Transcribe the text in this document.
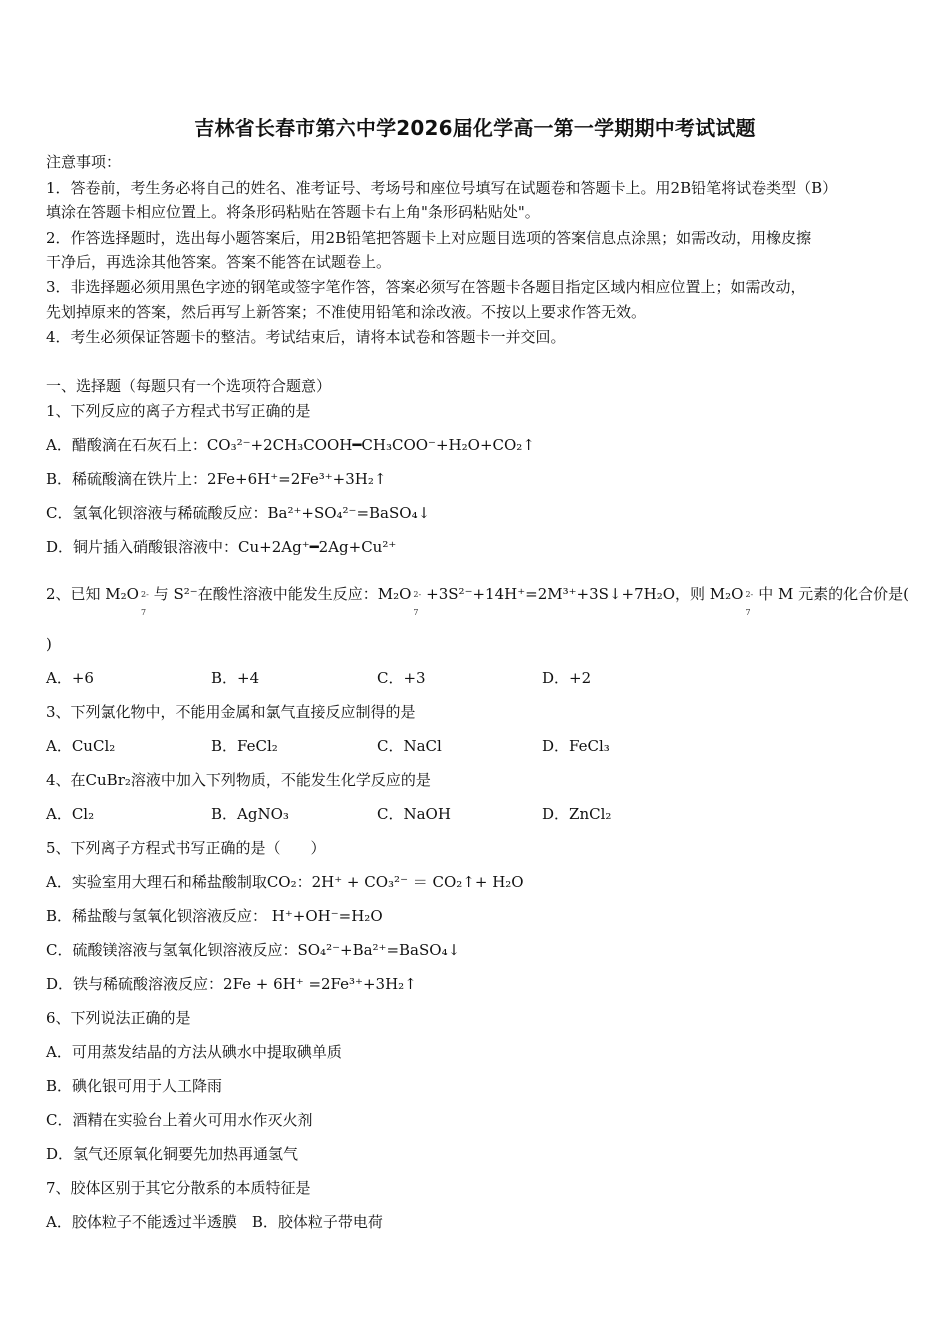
吉林省长春市第六中学2026届化学高一第一学期期中考试试题
注意事项：
1．答卷前，考生务必将自己的姓名、准考证号、考场号和座位号填写在试题卷和答题卡上。用2B铅笔将试卷类型（B）
填涂在答题卡相应位置上。将条形码粘贴在答题卡右上角"条形码粘贴处"。
2．作答选择题时，选出每小题答案后，用2B铅笔把答题卡上对应题目选项的答案信息点涂黑；如需改动，用橡皮擦
干净后，再选涂其他答案。答案不能答在试题卷上。
3．非选择题必须用黑色字迹的钢笔或签字笔作答，答案必须写在答题卡各题目指定区域内相应位置上；如需改动，
先划掉原来的答案，然后再写上新答案；不准使用铅笔和涂改液。不按以上要求作答无效。
4．考生必须保证答题卡的整洁。考试结束后，请将本试卷和答题卡一并交回。
一、选择题（每题只有一个选项符合题意）
1、下列反应的离子方程式书写正确的是
A．醋酸滴在石灰石上：CO₃²⁻+2CH₃COOH━CH₃COO⁻+H₂O+CO₂↑
B．稀硫酸滴在铁片上：2Fe+6H⁺=2Fe³⁺+3H₂↑
C．氢氧化钡溶液与稀硫酸反应：Ba²⁺+SO₄²⁻=BaSO₄↓
D．铜片插入硝酸银溶液中：Cu+2Ag⁺━2Ag+Cu²⁺
2、已知 M₂O 2-
7
与 S²⁻在酸性溶液中能发生反应：M₂O 2-
7
+3S²⁻+14H⁺=2M³⁺+3S↓+7H₂O，则 M₂O 2-
7
中 M 元素的化合价是(
)
A．+6	B．+4	C．+3	D．+2
3、下列氯化物中，不能用金属和氯气直接反应制得的是
A．CuCl₂	B．FeCl₂	C．NaCl	D．FeCl₃
4、在CuBr₂溶液中加入下列物质，不能发生化学反应的是
A．Cl₂	B．AgNO₃	C．NaOH	D．ZnCl₂
5、下列离子方程式书写正确的是（　　）
A．实验室用大理石和稀盐酸制取CO₂：2H⁺ + CO₃²⁻ ＝ CO₂↑+ H₂O
B．稀盐酸与氢氧化钡溶液反应： H⁺+OH⁻=H₂O
C．硫酸镁溶液与氢氧化钡溶液反应：SO₄²⁻+Ba²⁺=BaSO₄↓
D．铁与稀硫酸溶液反应：2Fe + 6H⁺ =2Fe³⁺+3H₂↑
6、下列说法正确的是
A．可用蒸发结晶的方法从碘水中提取碘单质
B．碘化银可用于人工降雨
C．酒精在实验台上着火可用水作灭火剂
D．氢气还原氧化铜要先加热再通氢气
7、胶体区别于其它分散系的本质特征是
A．胶体粒子不能透过半透膜　B．胶体粒子带电荷
